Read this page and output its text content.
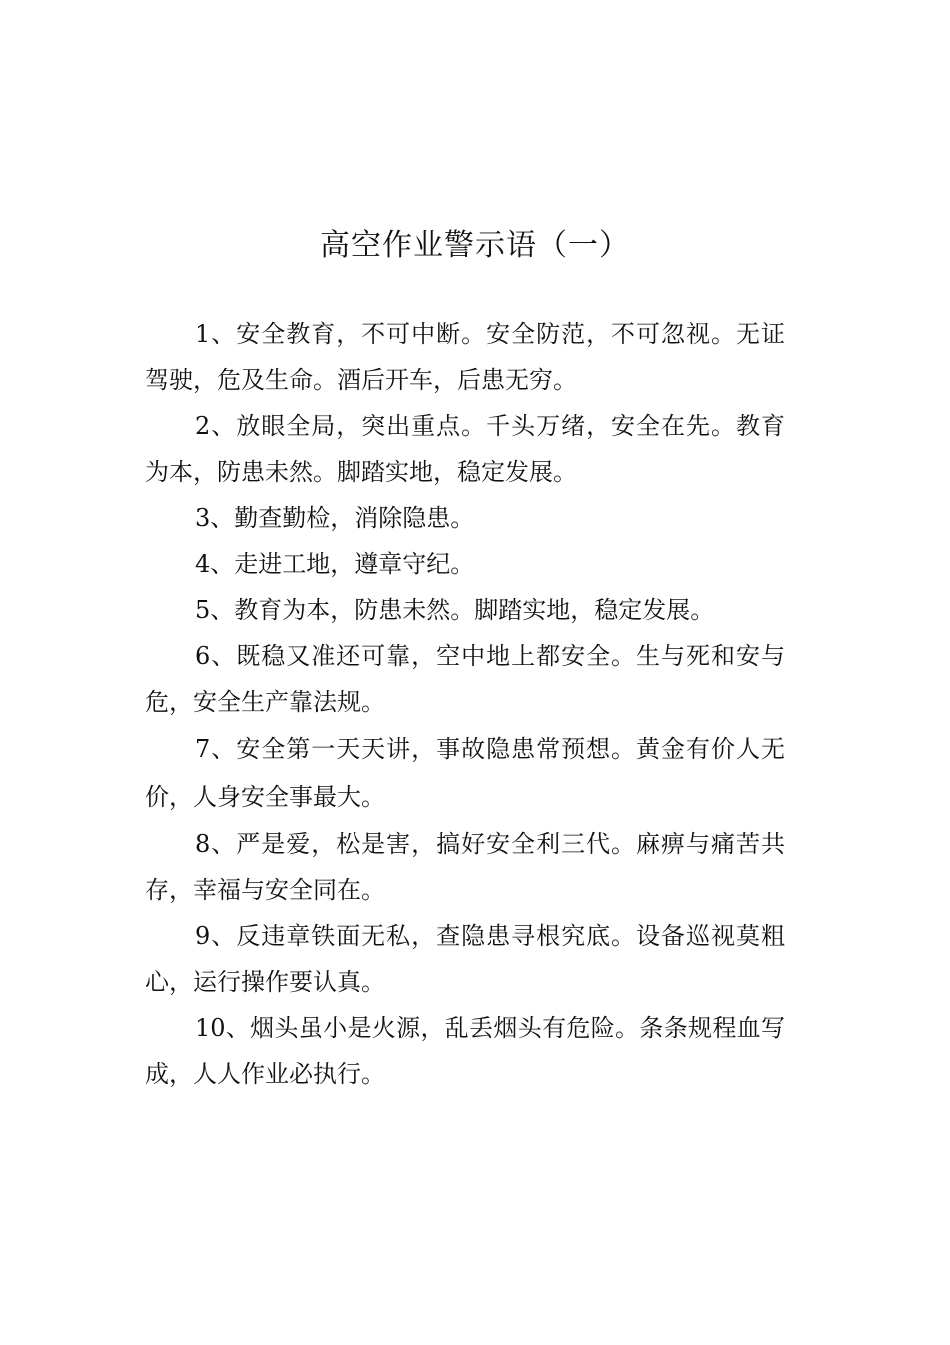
高空作业警示语（一）

1、安全教育，不可中断。安全防范，不可忽视。无证驾驶，危及生命。酒后开车，后患无穷。

2、放眼全局，突出重点。千头万绪，安全在先。教育为本，防患未然。脚踏实地，稳定发展。

3、勤查勤检，消除隐患。

4、走进工地，遵章守纪。

5、教育为本，防患未然。脚踏实地，稳定发展。

6、既稳又准还可靠，空中地上都安全。生与死和安与危，安全生产靠法规。

7、安全第一天天讲，事故隐患常预想。黄金有价人无价，人身安全事最大。

8、严是爱，松是害，搞好安全利三代。麻痹与痛苦共存，幸福与安全同在。

9、反违章铁面无私，查隐患寻根究底。设备巡视莫粗心，运行操作要认真。

10、烟头虽小是火源，乱丢烟头有危险。条条规程血写成，人人作业必执行。
